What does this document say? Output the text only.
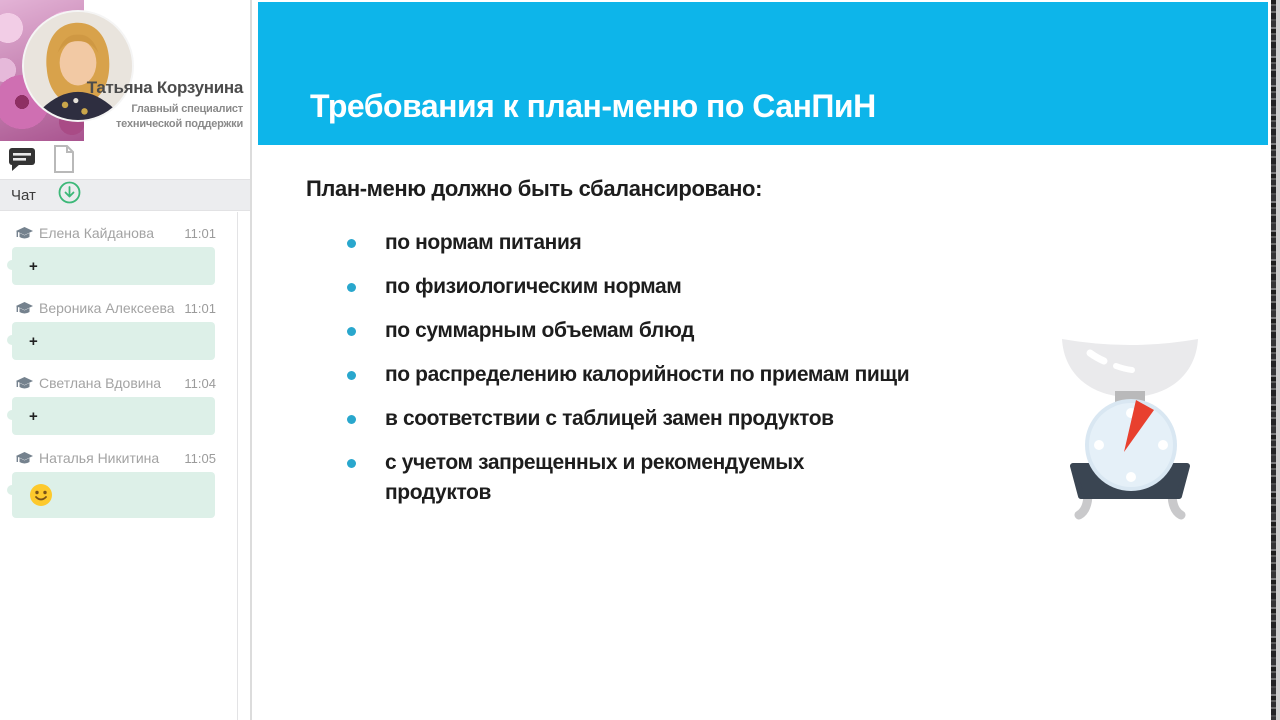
Татьяна Корзунина
Главный специалист
технической поддержки
Чат
Елена Кайданова	11:01
+
Вероника Алексеева 11:01
+
Светлана Вдовина	11:04
+
Наталья Никитина	11:05
Требования к план-меню по СанПиН
План-меню должно быть сбалансировано:
по нормам питания
по физиологическим нормам
по суммарным объемам блюд
по распределению калорийности по приемам пищи
в соответствии с таблицей замен продуктов
с учетом запрещенных и рекомендуемых продуктов
